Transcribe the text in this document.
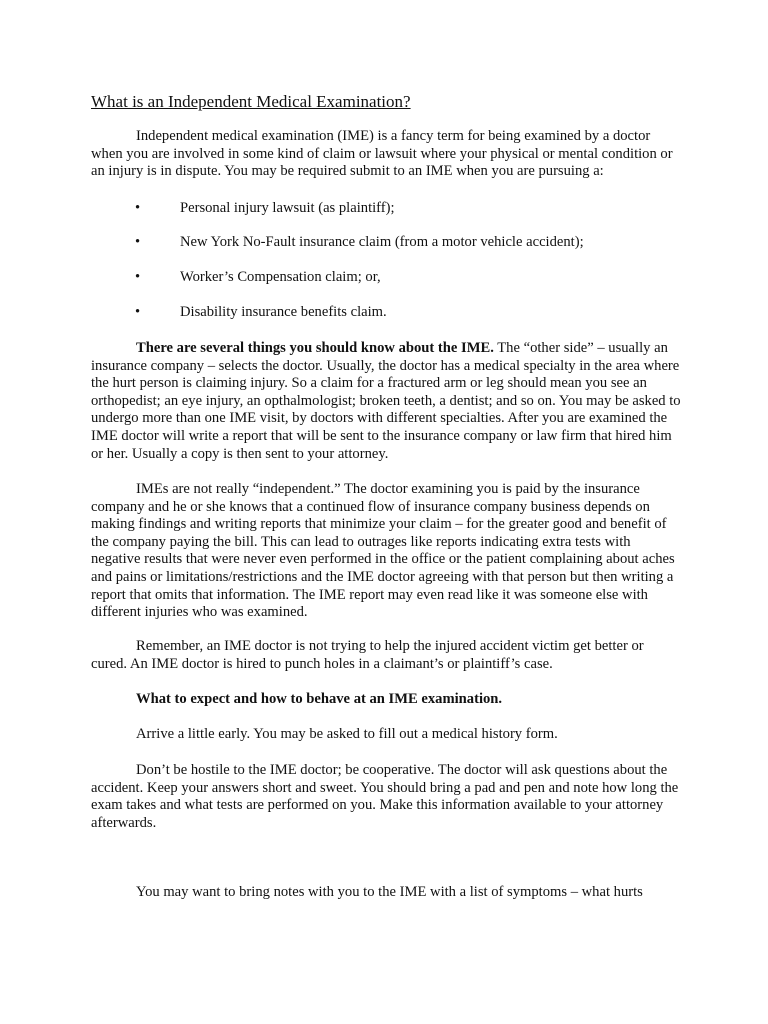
What is an Independent Medical Examination?

Independent medical examination (IME) is a fancy term for being examined by a doctor when you are involved in some kind of claim or lawsuit where your physical or mental condition or an injury is in dispute. You may be required submit to an IME when you are pursuing a:

•	Personal injury lawsuit (as plaintiff);
•	New York No-Fault insurance claim (from a motor vehicle accident);
•	Worker’s Compensation claim; or,
•	Disability insurance benefits claim.

There are several things you should know about the IME. The “other side” – usually an insurance company – selects the doctor. Usually, the doctor has a medical specialty in the area where the hurt person is claiming injury. So a claim for a fractured arm or leg should mean you see an orthopedist; an eye injury, an opthalmologist; broken teeth, a dentist; and so on. You may be asked to undergo more than one IME visit, by doctors with different specialties. After you are examined the IME doctor will write a report that will be sent to the insurance company or law firm that hired him or her. Usually a copy is then sent to your attorney.

IMEs are not really “independent.” The doctor examining you is paid by the insurance company and he or she knows that a continued flow of insurance company business depends on making findings and writing reports that minimize your claim – for the greater good and benefit of the company paying the bill. This can lead to outrages like reports indicating extra tests with negative results that were never even performed in the office or the patient complaining about aches and pains or limitations/restrictions and the IME doctor agreeing with that person but then writing a report that omits that information. The IME report may even read like it was someone else with different injuries who was examined.

Remember, an IME doctor is not trying to help the injured accident victim get better or cured. An IME doctor is hired to punch holes in a claimant’s or plaintiff’s case.

What to expect and how to behave at an IME examination.

Arrive a little early. You may be asked to fill out a medical history form.

Don’t be hostile to the IME doctor; be cooperative. The doctor will ask questions about the accident. Keep your answers short and sweet. You should bring a pad and pen and note how long the exam takes and what tests are performed on you. Make this information available to your attorney afterwards.

You may want to bring notes with you to the IME with a list of symptoms – what hurts
